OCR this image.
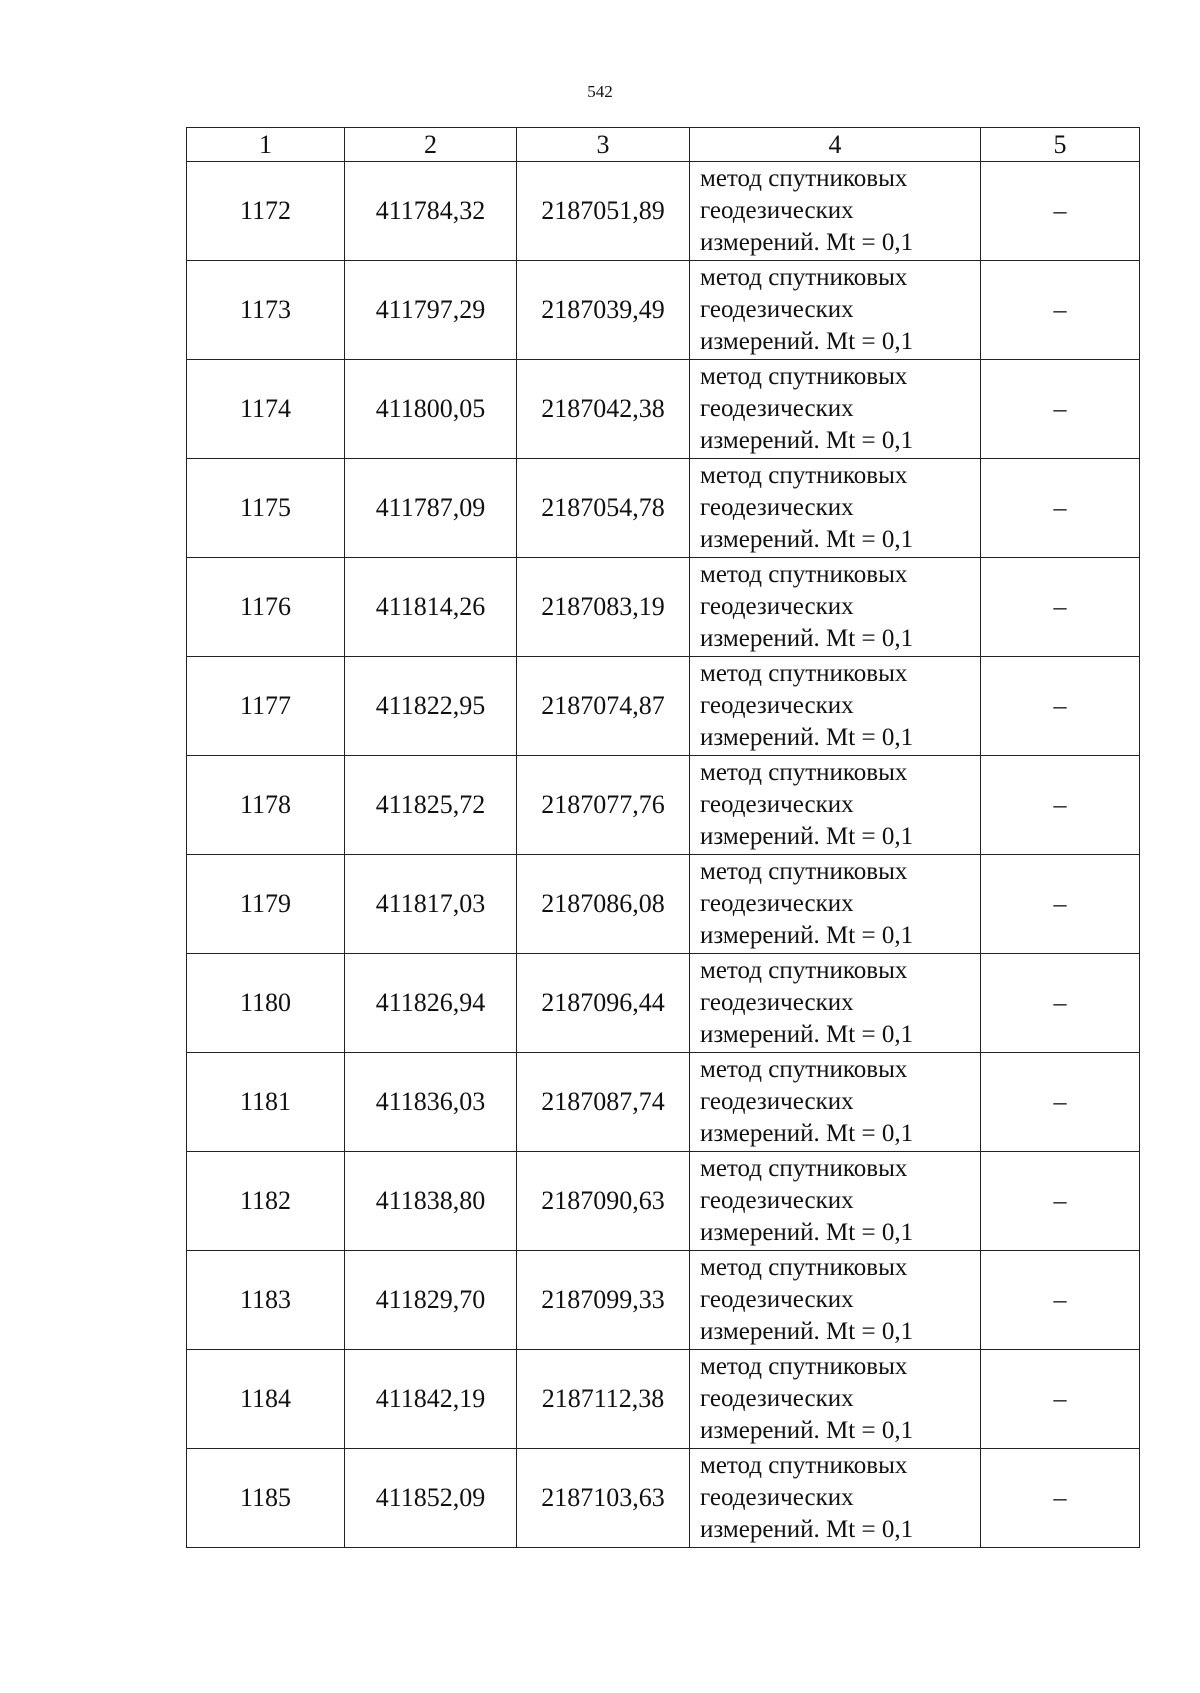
542
1	2	3	4	5
1172	411784,32	2187051,89	метод спутниковых
геодезических
измерений. Mt = 0,1	–
1173	411797,29	2187039,49	метод спутниковых
геодезических
измерений. Mt = 0,1	–
1174	411800,05	2187042,38	метод спутниковых
геодезических
измерений. Mt = 0,1	–
1175	411787,09	2187054,78	метод спутниковых
геодезических
измерений. Mt = 0,1	–
1176	411814,26	2187083,19	метод спутниковых
геодезических
измерений. Mt = 0,1	–
1177	411822,95	2187074,87	метод спутниковых
геодезических
измерений. Mt = 0,1	–
1178	411825,72	2187077,76	метод спутниковых
геодезических
измерений. Mt = 0,1	–
1179	411817,03	2187086,08	метод спутниковых
геодезических
измерений. Mt = 0,1	–
1180	411826,94	2187096,44	метод спутниковых
геодезических
измерений. Mt = 0,1	–
1181	411836,03	2187087,74	метод спутниковых
геодезических
измерений. Mt = 0,1	–
1182	411838,80	2187090,63	метод спутниковых
геодезических
измерений. Mt = 0,1	–
1183	411829,70	2187099,33	метод спутниковых
геодезических
измерений. Mt = 0,1	–
1184	411842,19	2187112,38	метод спутниковых
геодезических
измерений. Mt = 0,1	–
1185	411852,09	2187103,63	метод спутниковых
геодезических
измерений. Mt = 0,1	–
